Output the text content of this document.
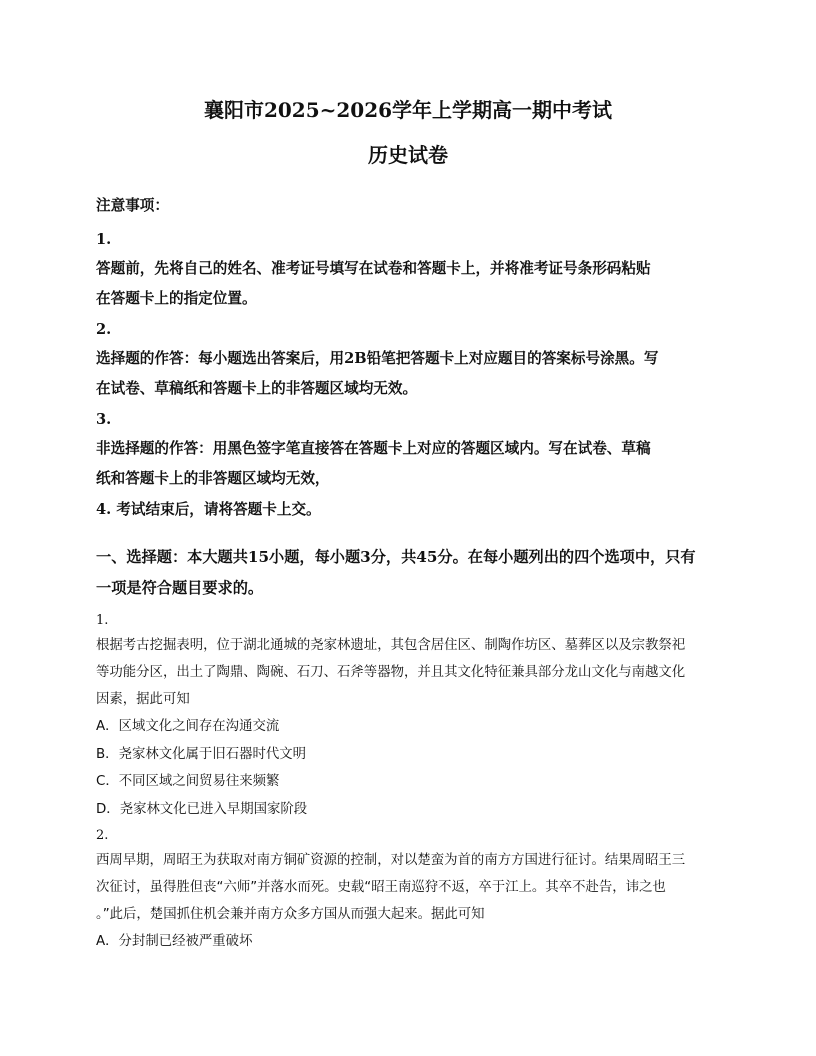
襄阳市2025~2026学年上学期高一期中考试
历史试卷
注意事项：
1.
答题前，先将自己的姓名、准考证号填写在试卷和答题卡上，并将准考证号条形码粘贴
在答题卡上的指定位置。
2.
选择题的作答：每小题选出答案后，用2B铅笔把答题卡上对应题目的答案标号涂黑。写
在试卷、草稿纸和答题卡上的非答题区域均无效。
3.
非选择题的作答：用黑色签字笔直接答在答题卡上对应的答题区域内。写在试卷、草稿
纸和答题卡上的非答题区域均无效，
4. 考试结束后，请将答题卡上交。
一、选择题：本大题共15小题，每小题3分，共45分。在每小题列出的四个选项中，只有
一项是符合题目要求的。
1.
根据考古挖掘表明，位于湖北通城的尧家林遗址，其包含居住区、制陶作坊区、墓葬区以及宗教祭祀
等功能分区，出土了陶鼎、陶碗、石刀、石斧等器物，并且其文化特征兼具部分龙山文化与南越文化
因素，据此可知
A．区域文化之间存在沟通交流
B．尧家林文化属于旧石器时代文明
C．不同区域之间贸易往来频繁
D．尧家林文化已进入早期国家阶段
2.
西周早期，周昭王为获取对南方铜矿资源的控制，对以楚蛮为首的南方方国进行征讨。结果周昭王三
次征讨，虽得胜但丧“六师”并落水而死。史载“昭王南巡狩不返，卒于江上。其卒不赴告，讳之也
。”此后，楚国抓住机会兼并南方众多方国从而强大起来。据此可知
A．分封制已经被严重破坏
